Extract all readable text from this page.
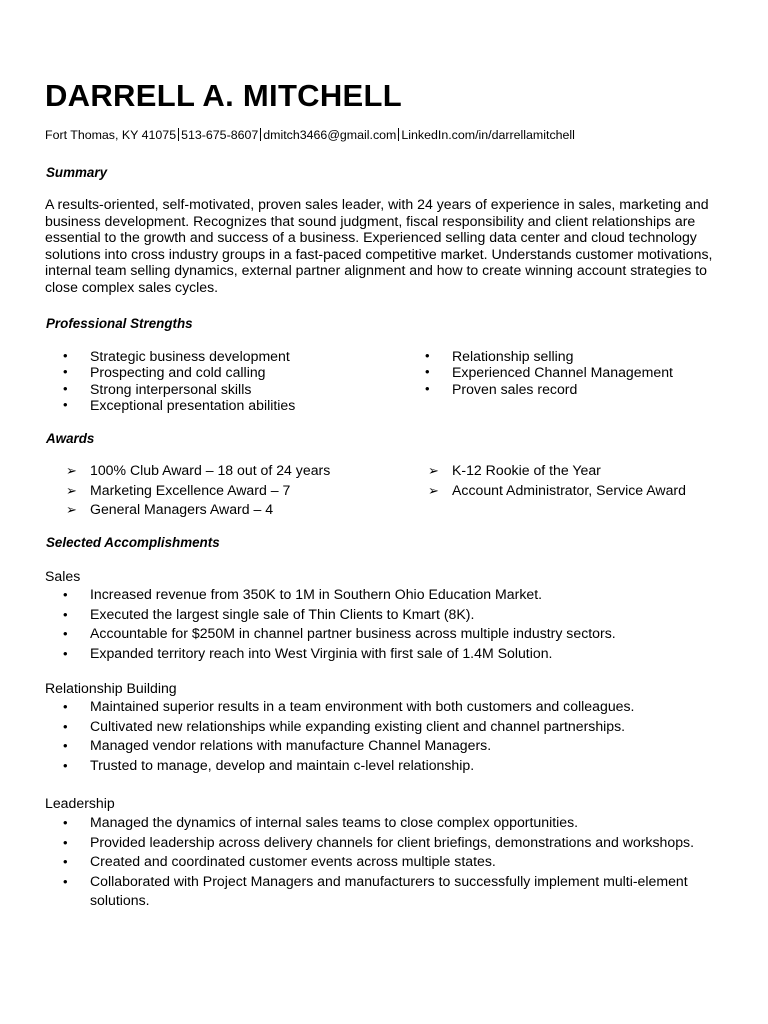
DARRELL A. MITCHELL
Fort Thomas, KY 41075 513-675-8607 dmitch3466@gmail.com LinkedIn.com/in/darrellamitchell
Summary
A results-oriented, self-motivated, proven sales leader, with 24 years of experience in sales, marketing and business development. Recognizes that sound judgment, fiscal responsibility and client relationships are essential to the growth and success of a business. Experienced selling data center and cloud technology solutions into cross industry groups in a fast-paced competitive market. Understands customer motivations, internal team selling dynamics, external partner alignment and how to create winning account strategies to close complex sales cycles.
Professional Strengths
• Strategic business development
• Prospecting and cold calling
• Strong interpersonal skills
• Exceptional presentation abilities
• Relationship selling
• Experienced Channel Management
• Proven sales record
Awards
➢ 100% Club Award – 18 out of 24 years
➢ Marketing Excellence Award – 7
➢ General Managers Award – 4
➢ K-12 Rookie of the Year
➢ Account Administrator, Service Award
Selected Accomplishments
Sales
• Increased revenue from 350K to 1M in Southern Ohio Education Market.
• Executed the largest single sale of Thin Clients to Kmart (8K).
• Accountable for $250M in channel partner business across multiple industry sectors.
• Expanded territory reach into West Virginia with first sale of 1.4M Solution.
Relationship Building
• Maintained superior results in a team environment with both customers and colleagues.
• Cultivated new relationships while expanding existing client and channel partnerships.
• Managed vendor relations with manufacture Channel Managers.
• Trusted to manage, develop and maintain c-level relationship.
Leadership
• Managed the dynamics of internal sales teams to close complex opportunities.
• Provided leadership across delivery channels for client briefings, demonstrations and workshops.
• Created and coordinated customer events across multiple states.
• Collaborated with Project Managers and manufacturers to successfully implement multi-element solutions.
